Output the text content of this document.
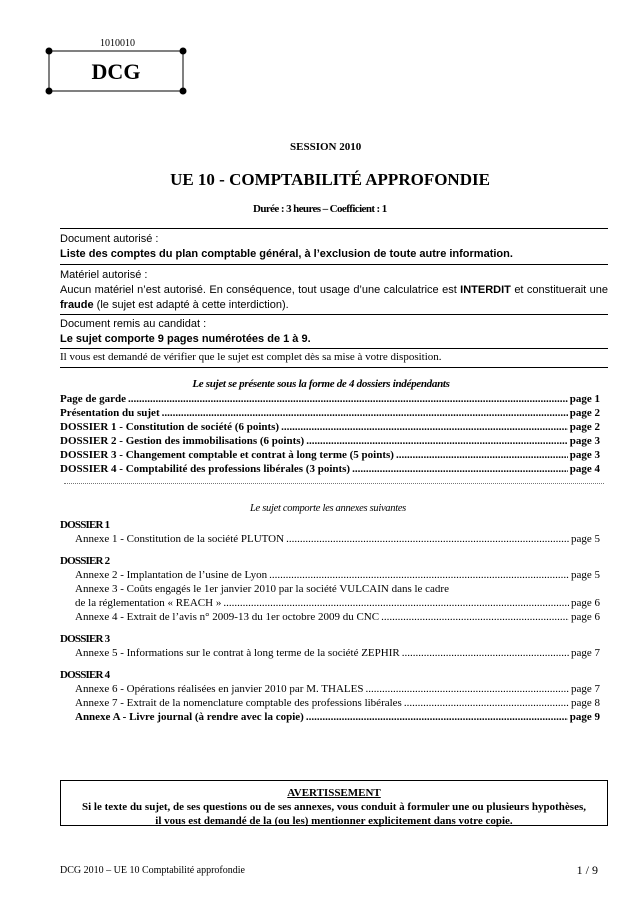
1010010
DCG
SESSION 2010
UE 10 - COMPTABILITÉ APPROFONDIE
Durée : 3 heures – Coefficient : 1
Document autorisé :
Liste des comptes du plan comptable général, à l’exclusion de toute autre information.
Matériel autorisé :
Aucun matériel n’est autorisé. En conséquence, tout usage d’une calculatrice est INTERDIT et constituerait une fraude (le sujet est adapté à cette interdiction).
Document remis au candidat :
Le sujet comporte 9 pages numérotées de 1 à 9.
Il vous est demandé de vérifier que le sujet est complet dès sa mise à votre disposition.
Le sujet se présente sous la forme de 4 dossiers indépendants
Page de garde .....	page 1
Présentation du sujet .....	page 2
DOSSIER 1 - Constitution de société (6 points) .....	page 2
DOSSIER 2 - Gestion des immobilisations (6 points) .....	page 3
DOSSIER 3 - Changement comptable et contrat à long terme (5 points) .....	page 3
DOSSIER 4 - Comptabilité des professions libérales (3 points) .....	page 4
Le sujet comporte les annexes suivantes
DOSSIER 1
Annexe 1 - Constitution de la société PLUTON .....	page 5
DOSSIER 2
Annexe 2 - Implantation de l’usine de Lyon .....	page 5
Annexe 3 - Coûts engagés le 1er janvier 2010 par la société VULCAIN dans le cadre
de la réglementation « REACH » .....	page 6
Annexe 4 - Extrait de l’avis n° 2009-13 du 1er octobre 2009 du CNC .....	page 6
DOSSIER 3
Annexe 5 - Informations sur le contrat à long terme de la société ZEPHIR .....	page 7
DOSSIER 4
Annexe 6 - Opérations réalisées en janvier 2010 par M. THALES .....	page 7
Annexe 7 - Extrait de la nomenclature comptable des professions libérales .....	page 8
Annexe A - Livre journal (à rendre avec la copie) .....	page 9
AVERTISSEMENT
Si le texte du sujet, de ses questions ou de ses annexes, vous conduit à formuler une ou plusieurs hypothèses,
il vous est demandé de la (ou les) mentionner explicitement dans votre copie.
DCG 2010 – UE 10 Comptabilité approfondie	1 / 9
